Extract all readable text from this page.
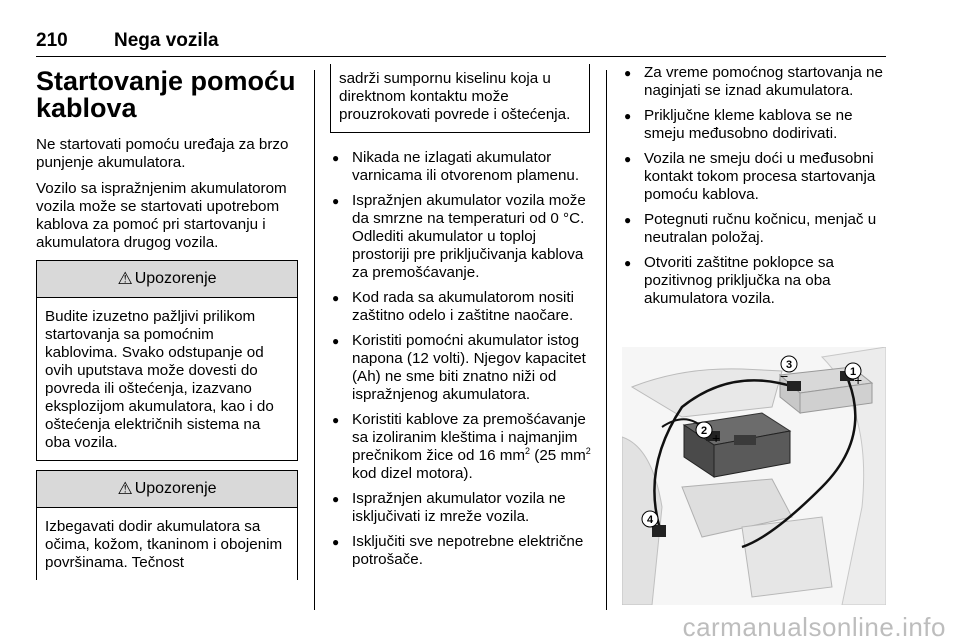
210 Nega vozila
Startovanje pomoću kablova

Ne startovati pomoću uređaja za brzo punjenje akumulatora.

Vozilo sa ispražnjenim akumulatorom vozila može se startovati upotrebom kablova za pomoć pri startovanju i akumulatora drugog vozila.

⚠ Upozorenje
Budite izuzetno pažljivi prilikom startovanja sa pomoćnim kablovima. Svako odstupanje od ovih uputstava može dovesti do povreda ili oštećenja, izazvano eksplozijom akumulatora, kao i do oštećenja električnih sistema na oba vozila.
⚠ Upozorenje
Izbegavati dodir akumulatora sa očima, kožom, tkaninom i obojenim površinama. Tečnost
sadrži sumpornu kiselinu koja u direktnom kontaktu može prouzrokovati povrede i oštećenja.
● Nikada ne izlagati akumulator varnicama ili otvorenom plamenu.
● Ispražnjen akumulator vozila može da smrzne na temperaturi od 0 °C. Odlediti akumulator u toploj prostoriji pre priključivanja kablova za premošćavanje.
● Kod rada sa akumulatorom nositi zaštitno odelo i zaštitne naočare.
● Koristiti pomoćni akumulator istog napona (12 volti). Njegov kapacitet (Ah) ne sme biti znatno niži od ispražnjenog akumulatora.
● Koristiti kablove za premošćavanje sa izoliranim kleštima i najmanjim prečnikom žice od 16 $mm^2$ (25 $mm^2$ kod dizel motora).
● Ispražnjen akumulator vozila ne isključivati iz mreže vozila.
● Isključiti sve nepotrebne električne potrošače.
● Za vreme pomoćnog startovanja ne naginjati se iznad akumulatora.
● Priključne kleme kablova se ne smeju međusobno dodirivati.
● Vozila ne smeju doći u međusobni kontakt tokom procesa startovanja pomoću kablova.
● Potegnuti ručnu kočnicu, menjač u neutralan položaj.
● Otvoriti zaštitne poklopce sa pozitivnog priključka na oba akumulatora vozila.
1
2
3
4
+
+
−
carmanualsonline.info
